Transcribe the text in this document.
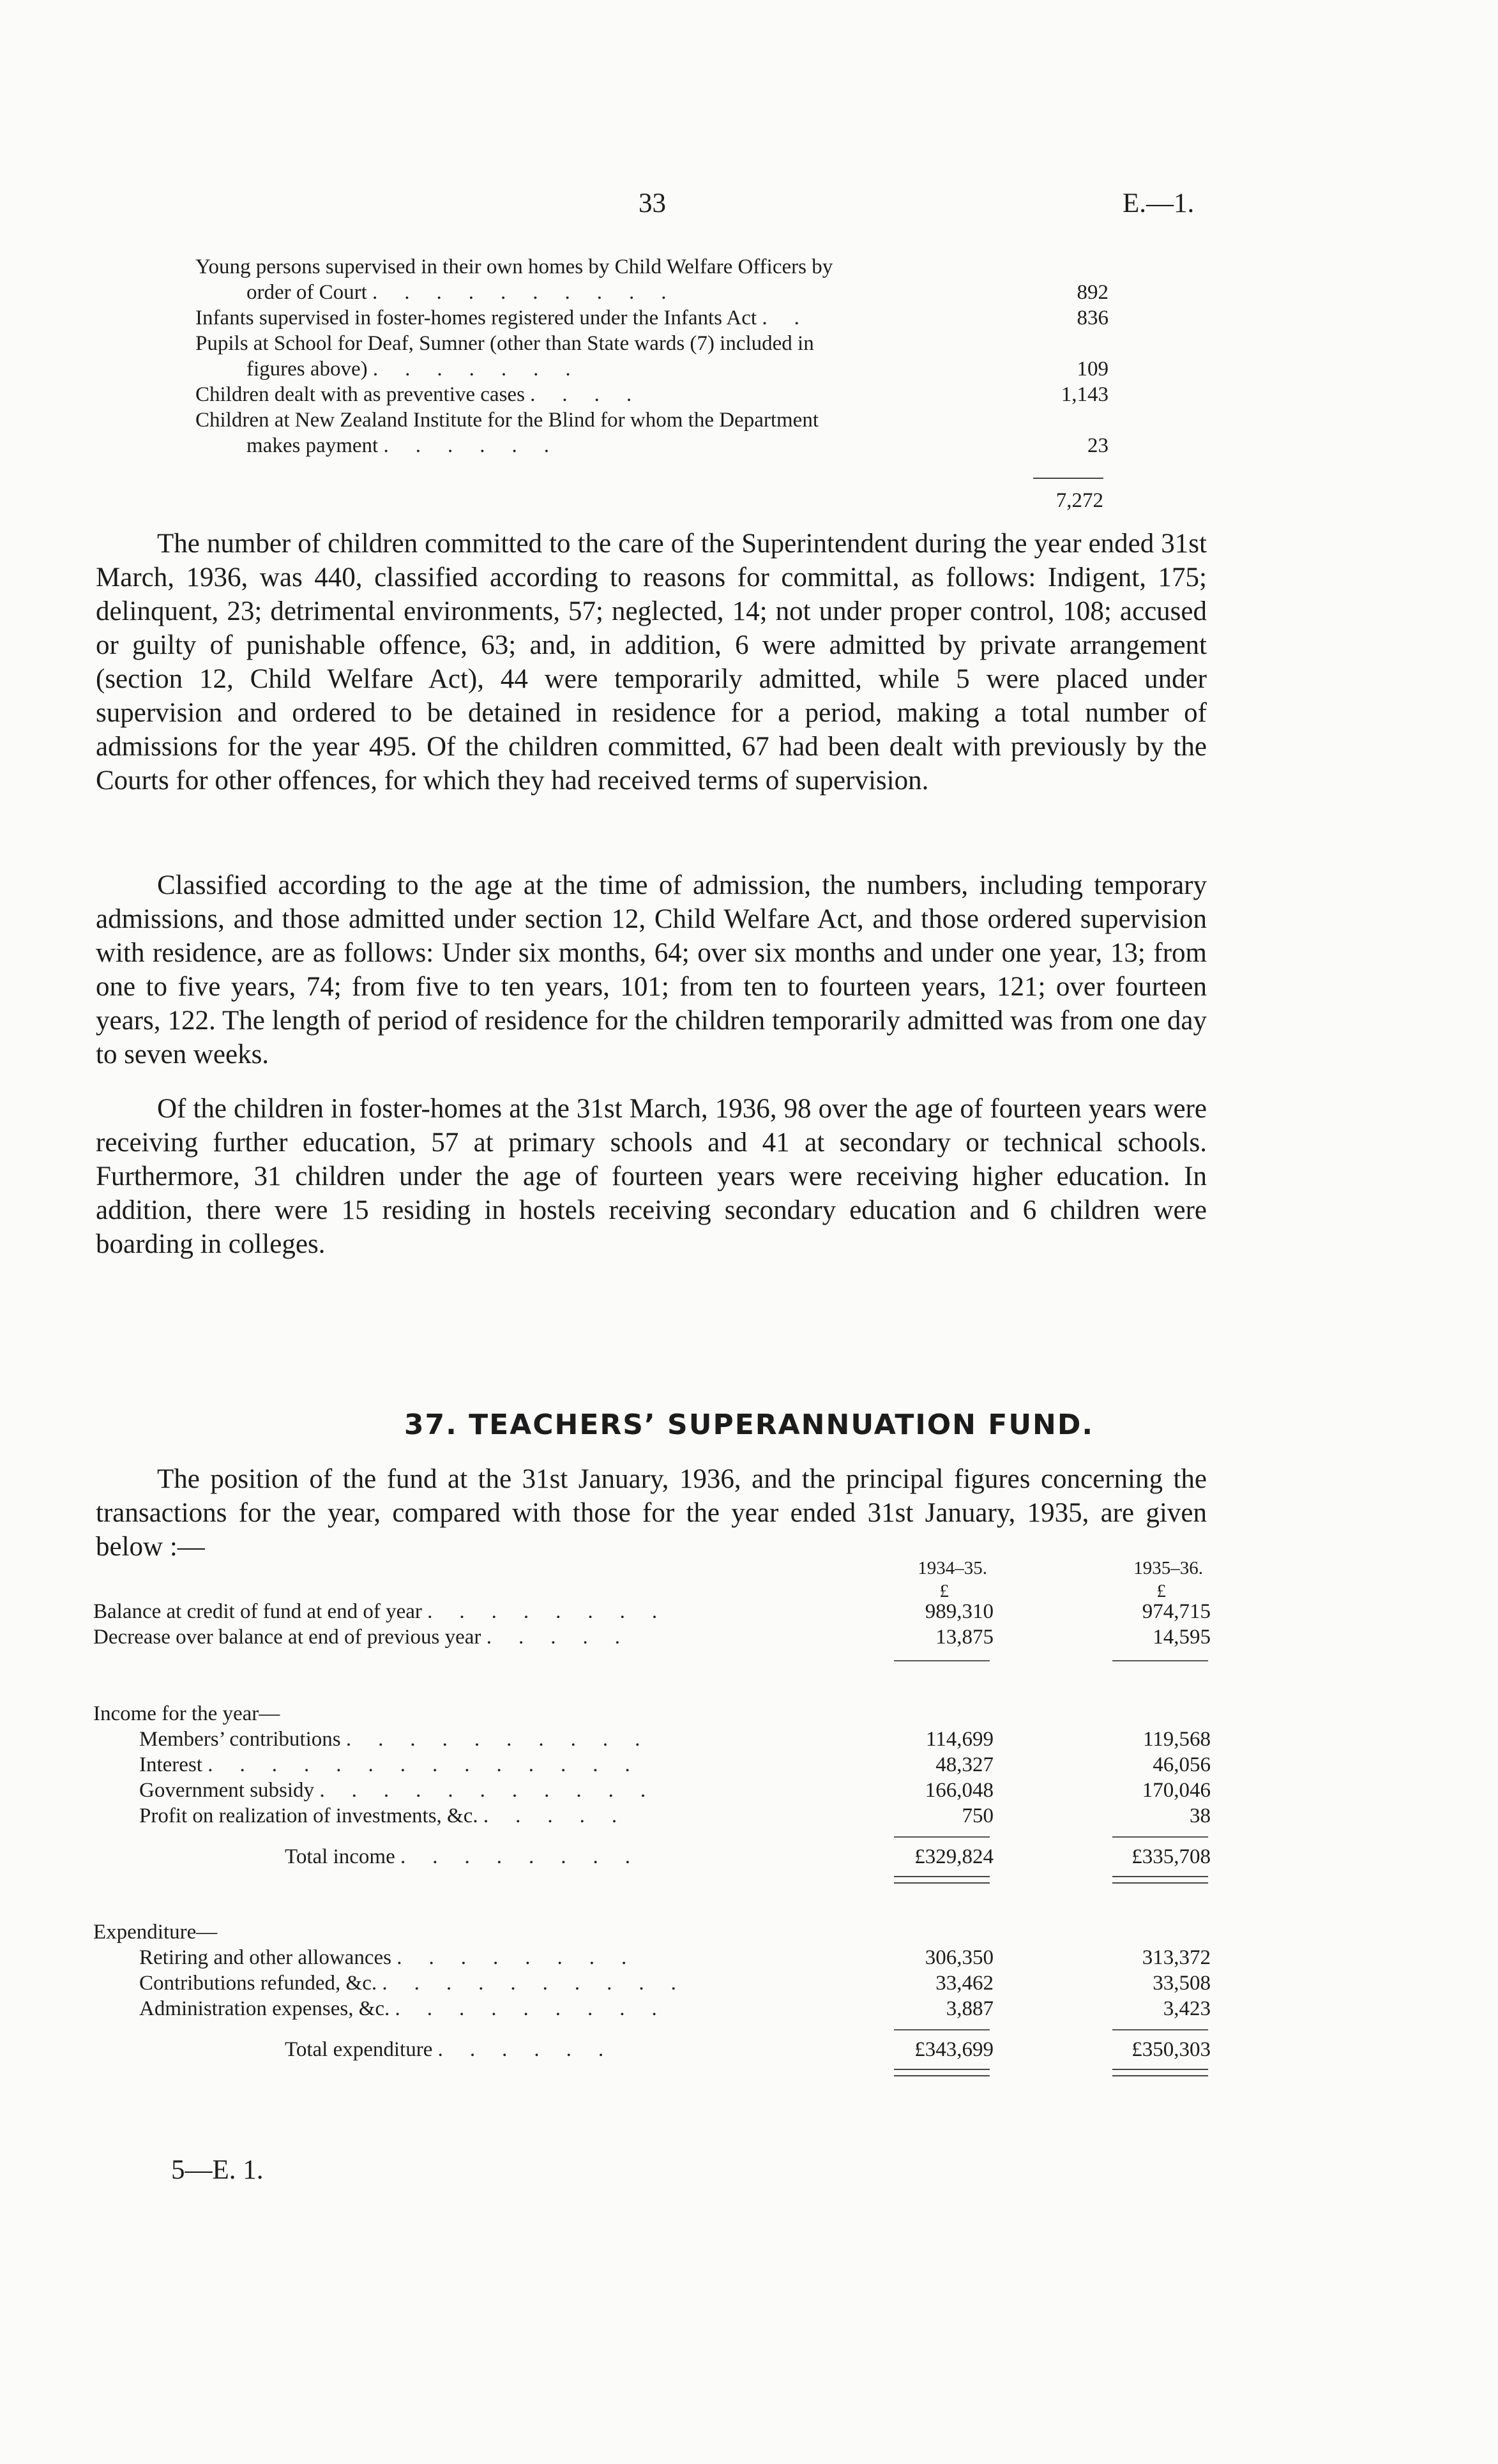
33	E.—1.
Young persons supervised in their own homes by Child Welfare Officers by
order of Court ..........	892
Infants supervised in foster-homes registered under the Infants Act ..	836
Pupils at School for Deaf, Sumner (other than State wards (7) included in
figures above) .......	109
Children dealt with as preventive cases ....	1,143
Children at New Zealand Institute for the Blind for whom the Department
makes payment ......	23
7,272

The number of children committed to the care of the Superintendent during the year ended 31st March, 1936, was 440, classified according to reasons for committal, as follows: Indigent, 175; delinquent, 23; detrimental environments, 57; neglected, 14; not under proper control, 108; accused or guilty of punishable offence, 63; and, in addition, 6 were admitted by private arrangement (section 12, Child Welfare Act), 44 were temporarily admitted, while 5 were placed under supervision and ordered to be detained in residence for a period, making a total number of admissions for the year 495. Of the children committed, 67 had been dealt with previously by the Courts for other offences, for which they had received terms of supervision.

Classified according to the age at the time of admission, the numbers, including temporary admissions, and those admitted under section 12, Child Welfare Act, and those ordered supervision with residence, are as follows: Under six months, 64; over six months and under one year, 13; from one to five years, 74; from five to ten years, 101; from ten to fourteen years, 121; over fourteen years, 122. The length of period of residence for the children temporarily admitted was from one day to seven weeks.

Of the children in foster-homes at the 31st March, 1936, 98 over the age of fourteen years were receiving further education, 57 at primary schools and 41 at secondary or technical schools. Furthermore, 31 children under the age of fourteen years were receiving higher education. In addition, there were 15 residing in hostels receiving secondary education and 6 children were boarding in colleges.

37. TEACHERS’ SUPERANNUATION FUND.

The position of the fund at the 31st January, 1936, and the principal figures concerning the transactions for the year, compared with those for the year ended 31st January, 1935, are given below :—

1934–35.	1935–36.
£	£
Balance at credit of fund at end of year ........	989,310	974,715
Decrease over balance at end of previous year .....	13,875	14,595
Income for the year—
Members’ contributions ..........	114,699	119,568
Interest ..............	48,327	46,056
Government subsidy ...........	166,048	170,046
Profit on realization of investments, &c. .....	750	38
Total income ........	£329,824	£335,708
Expenditure—
Retiring and other allowances ........	306,350	313,372
Contributions refunded, &c. ..........	33,462	33,508
Administration expenses, &c. .........	3,887	3,423
Total expenditure ......	£343,699	£350,303
5—E. 1.
